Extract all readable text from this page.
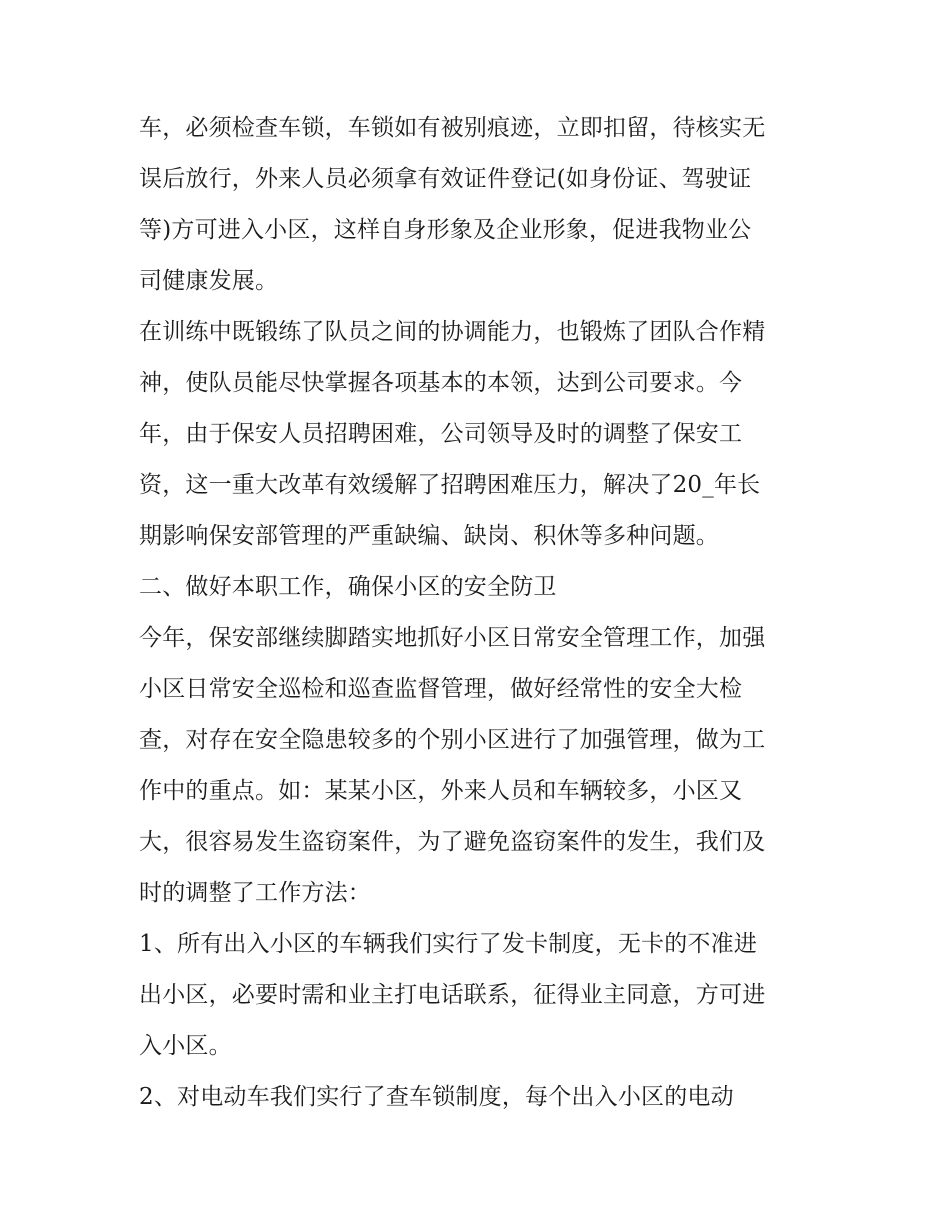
车，必须检查车锁，车锁如有被别痕迹，立即扣留，待核实无
误后放行，外来人员必须拿有效证件登记(如身份证、驾驶证
等)方可进入小区，这样自身形象及企业形象，促进我物业公
司健康发展。
在训练中既锻练了队员之间的协调能力，也锻炼了团队合作精
神，使队员能尽快掌握各项基本的本领，达到公司要求。今
年，由于保安人员招聘困难，公司领导及时的调整了保安工
资，这一重大改革有效缓解了招聘困难压力，解决了20_年长
期影响保安部管理的严重缺编、缺岗、积休等多种问题。
二、做好本职工作，确保小区的安全防卫
今年，保安部继续脚踏实地抓好小区日常安全管理工作，加强
小区日常安全巡检和巡查监督管理，做好经常性的安全大检
查，对存在安全隐患较多的个别小区进行了加强管理，做为工
作中的重点。如：某某小区，外来人员和车辆较多，小区又
大，很容易发生盗窃案件，为了避免盗窃案件的发生，我们及
时的调整了工作方法：
1、所有出入小区的车辆我们实行了发卡制度，无卡的不准进
出小区，必要时需和业主打电话联系，征得业主同意，方可进
入小区。
2、对电动车我们实行了查车锁制度，每个出入小区的电动
